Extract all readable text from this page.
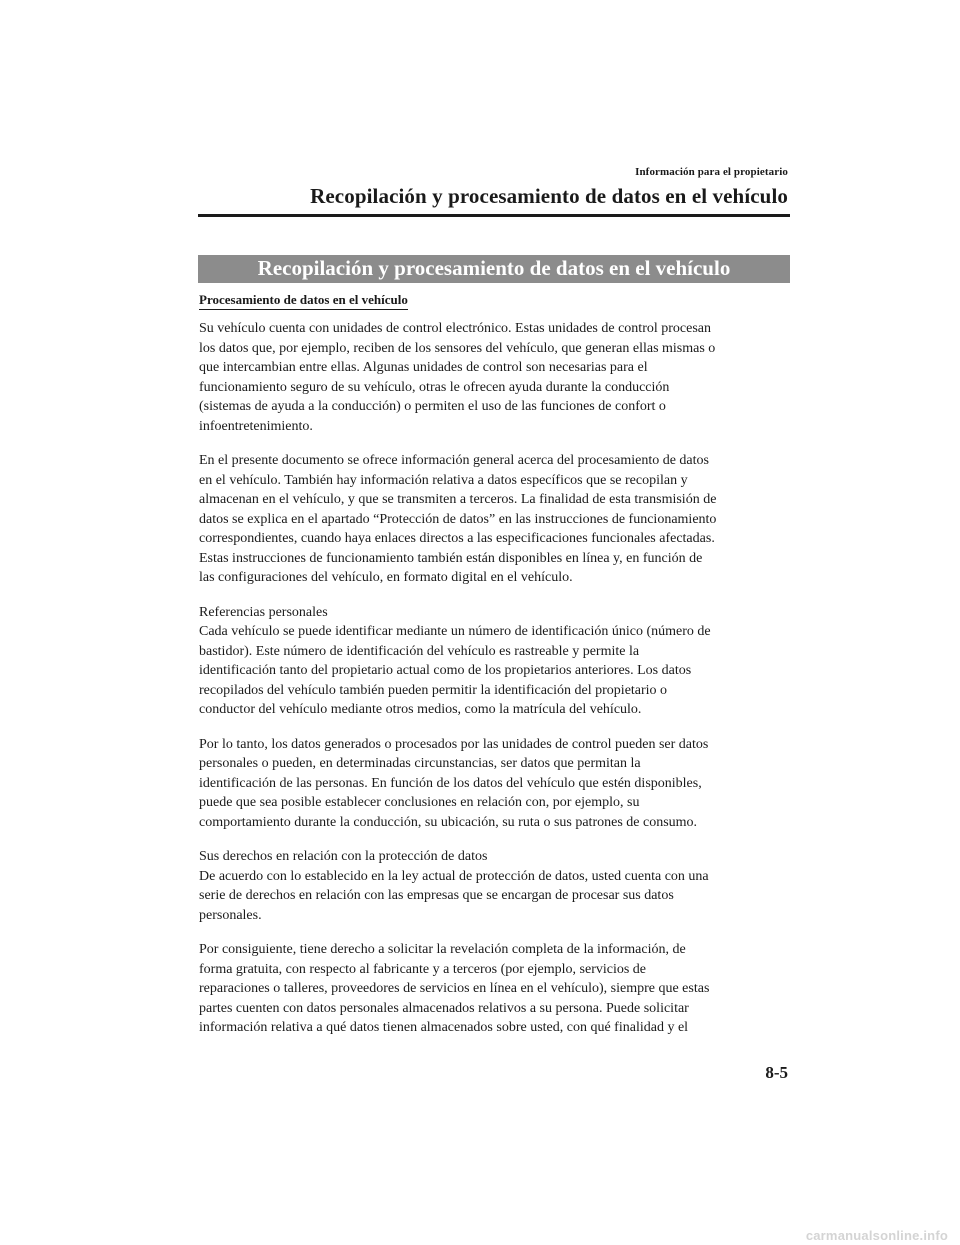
Información para el propietario
Recopilación y procesamiento de datos en el vehículo
Recopilación y procesamiento de datos en el vehículo
Procesamiento de datos en el vehículo

Su vehículo cuenta con unidades de control electrónico. Estas unidades de control procesan
los datos que, por ejemplo, reciben de los sensores del vehículo, que generan ellas mismas o
que intercambian entre ellas. Algunas unidades de control son necesarias para el
funcionamiento seguro de su vehículo, otras le ofrecen ayuda durante la conducción
(sistemas de ayuda a la conducción) o permiten el uso de las funciones de confort o
infoentretenimiento.

En el presente documento se ofrece información general acerca del procesamiento de datos
en el vehículo. También hay información relativa a datos específicos que se recopilan y
almacenan en el vehículo, y que se transmiten a terceros. La finalidad de esta transmisión de
datos se explica en el apartado “Protección de datos” en las instrucciones de funcionamiento
correspondientes, cuando haya enlaces directos a las especificaciones funcionales afectadas.
Estas instrucciones de funcionamiento también están disponibles en línea y, en función de
las configuraciones del vehículo, en formato digital en el vehículo.

Referencias personales
Cada vehículo se puede identificar mediante un número de identificación único (número de
bastidor). Este número de identificación del vehículo es rastreable y permite la
identificación tanto del propietario actual como de los propietarios anteriores. Los datos
recopilados del vehículo también pueden permitir la identificación del propietario o
conductor del vehículo mediante otros medios, como la matrícula del vehículo.

Por lo tanto, los datos generados o procesados por las unidades de control pueden ser datos
personales o pueden, en determinadas circunstancias, ser datos que permitan la
identificación de las personas. En función de los datos del vehículo que estén disponibles,
puede que sea posible establecer conclusiones en relación con, por ejemplo, su
comportamiento durante la conducción, su ubicación, su ruta o sus patrones de consumo.

Sus derechos en relación con la protección de datos
De acuerdo con lo establecido en la ley actual de protección de datos, usted cuenta con una
serie de derechos en relación con las empresas que se encargan de procesar sus datos
personales.

Por consiguiente, tiene derecho a solicitar la revelación completa de la información, de
forma gratuita, con respecto al fabricante y a terceros (por ejemplo, servicios de
reparaciones o talleres, proveedores de servicios en línea en el vehículo), siempre que estas
partes cuenten con datos personales almacenados relativos a su persona. Puede solicitar
información relativa a qué datos tienen almacenados sobre usted, con qué finalidad y el

8-5
carmanualsonline.info
